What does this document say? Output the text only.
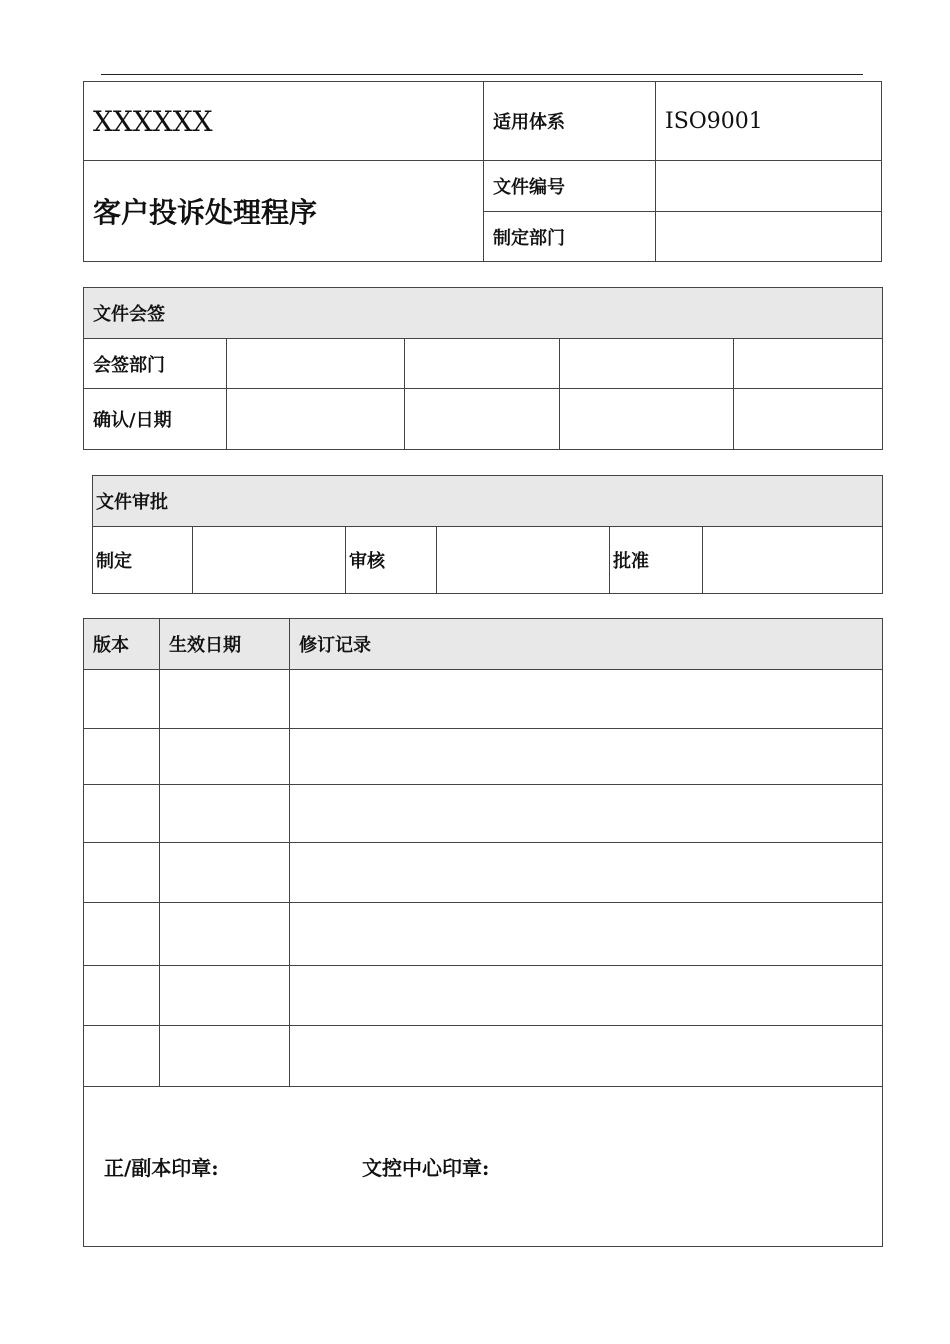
XXXXXX	适用体系	ISO9001
客户投诉处理程序	文件编号	
	制定部门	
文件会签				
会签部门				
确认/日期				
文件审批
制定		审核		批准	
版本	生效日期	修订记录

正/副本印章: 文控中心印章:		
